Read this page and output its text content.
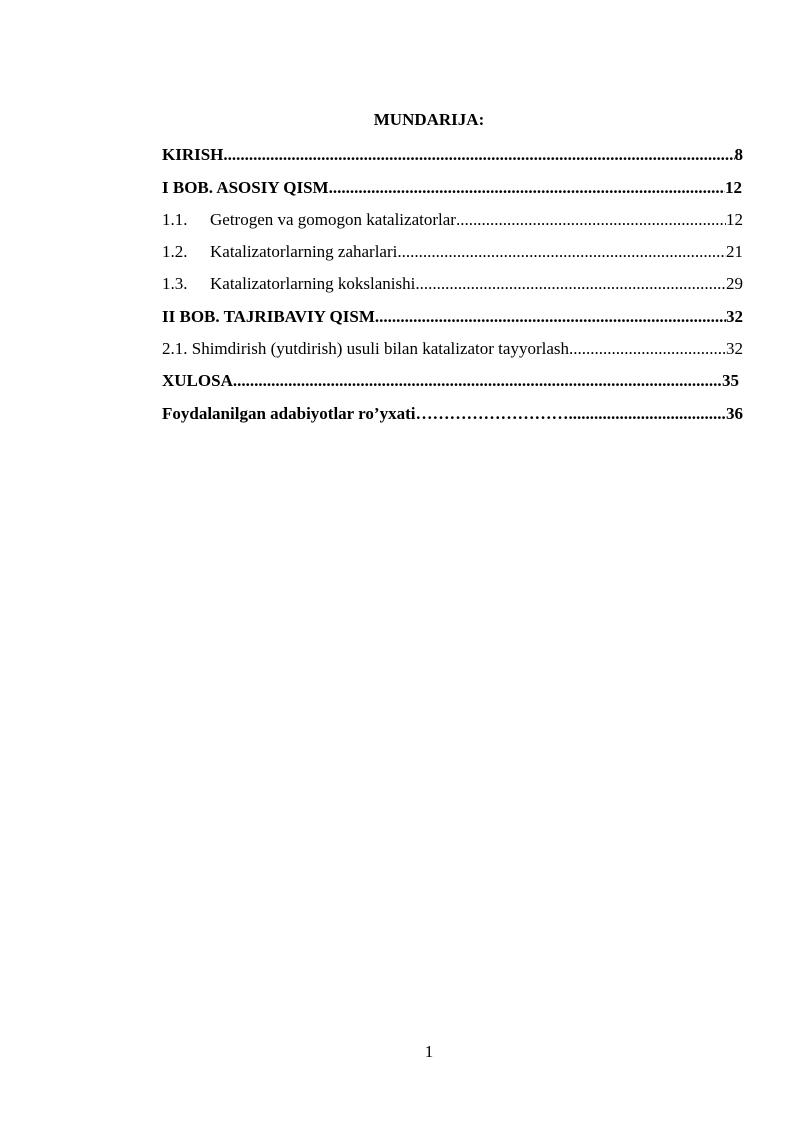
MUNDARIJA:
KIRISH .....	8
I BOB. ASOSIY QISM .....	12
1.1.	Getrogen va gomogon katalizatorlar .....	12
1.2.	Katalizatorlarning zaharlari .....	21
1.3.	Katalizatorlarning kokslanishi .....	29
II BOB. TAJRIBAVIY QISM .....	32
2.1. Shimdirish (yutdirish) usuli bilan katalizator tayyorlash .....	32
XULOSA .....	35
Foydalanilgan adabiyotlar ro’yxati……………………… .....	36
1
